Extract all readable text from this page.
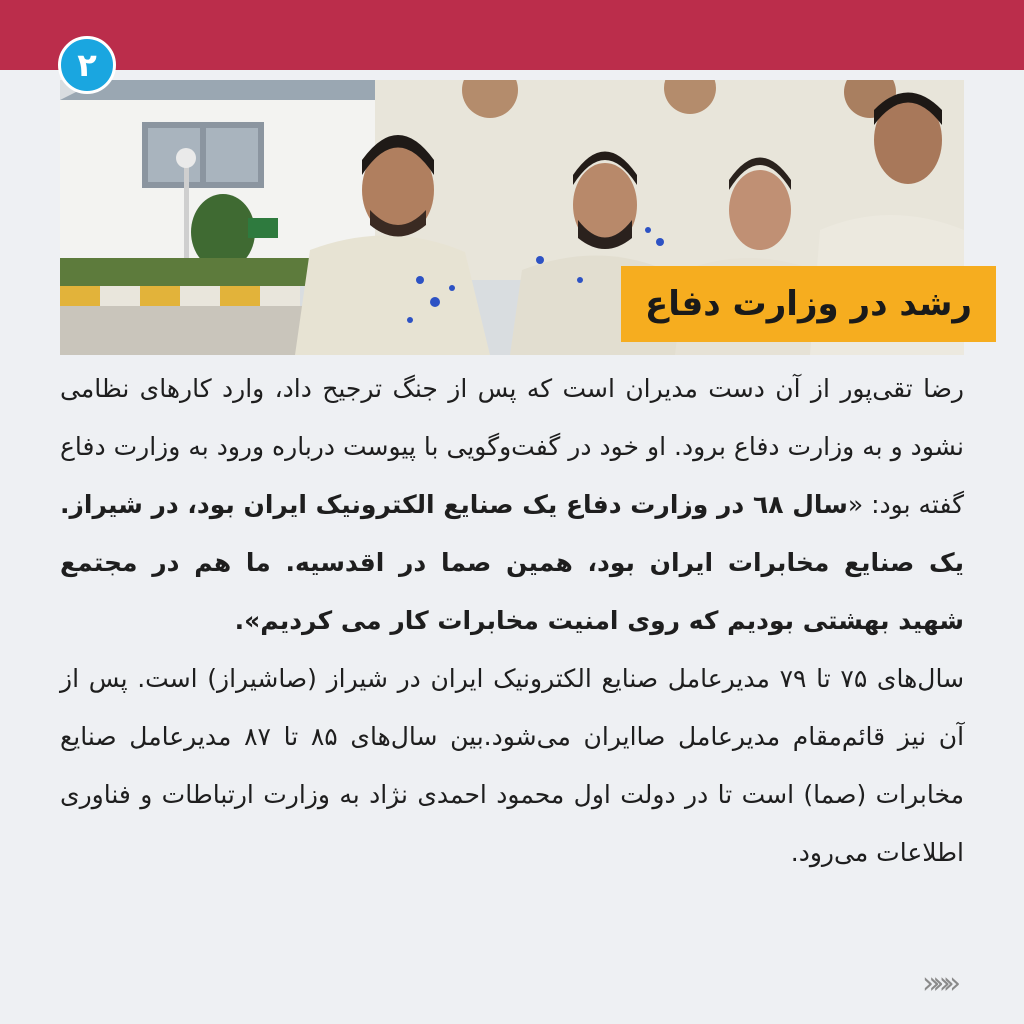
۲
رشد در وزارت دفاع

رضا تقی‌پور از آن دست مدیران است که پس از جنگ ترجیح داد، وارد کارهای نظامی نشود و به وزارت دفاع برود. او خود در گفت‌وگویی با پیوست درباره ورود به وزارت دفاع گفته بود: «سال ٦٨ در وزارت دفاع یک صنایع الکترونیک ایران بود، در شیراز. یک صنایع مخابرات ایران بود، همین صما در اقدسیه. ما هم در مجتمع شهید بهشتی بودیم که روی امنیت مخابرات کار می کردیم».

سال‌های ۷۵ تا ۷۹ مدیرعامل صنایع الکترونیک ایران در شیراز (صاشیراز) است. پس از آن نیز قائم‌مقام مدیرعامل صاایران می‌شود.بین سال‌های ۸۵ تا ۸۷ مدیرعامل صنایع مخابرات (صما) است تا در دولت اول محمود احمدی نژاد به وزارت ارتباطات و فناوری اطلاعات می‌رود.

»»»
